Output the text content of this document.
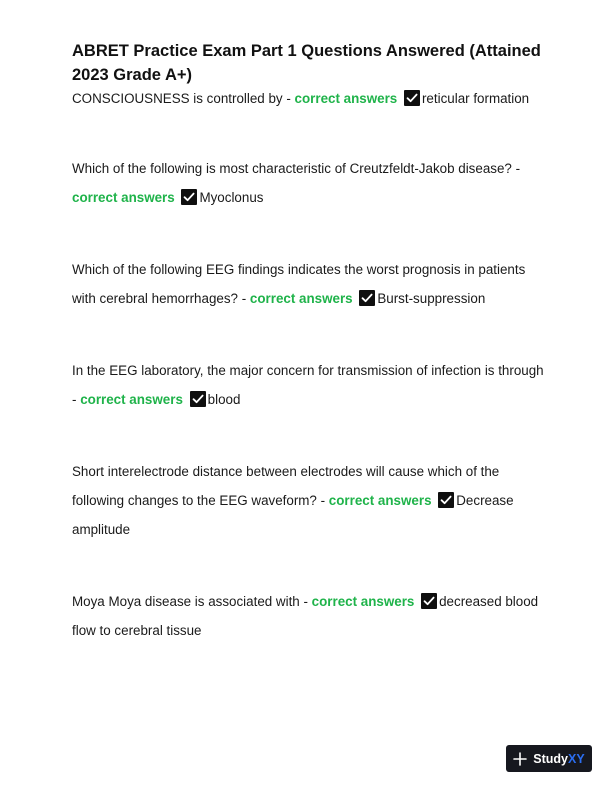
ABRET Practice Exam Part 1 Questions Answered (Attained 2023 Grade A+)

CONSCIOUSNESS is controlled by - correct answers reticular formation

Which of the following is most characteristic of Creutzfeldt-Jakob disease? - correct answers Myoclonus

Which of the following EEG findings indicates the worst prognosis in patients with cerebral hemorrhages? - correct answers Burst-suppression

In the EEG laboratory, the major concern for transmission of infection is through - correct answers blood

Short interelectrode distance between electrodes will cause which of the following changes to the EEG waveform? - correct answers Decrease amplitude

Moya Moya disease is associated with - correct answers decreased blood flow to cerebral tissue

Study XY
